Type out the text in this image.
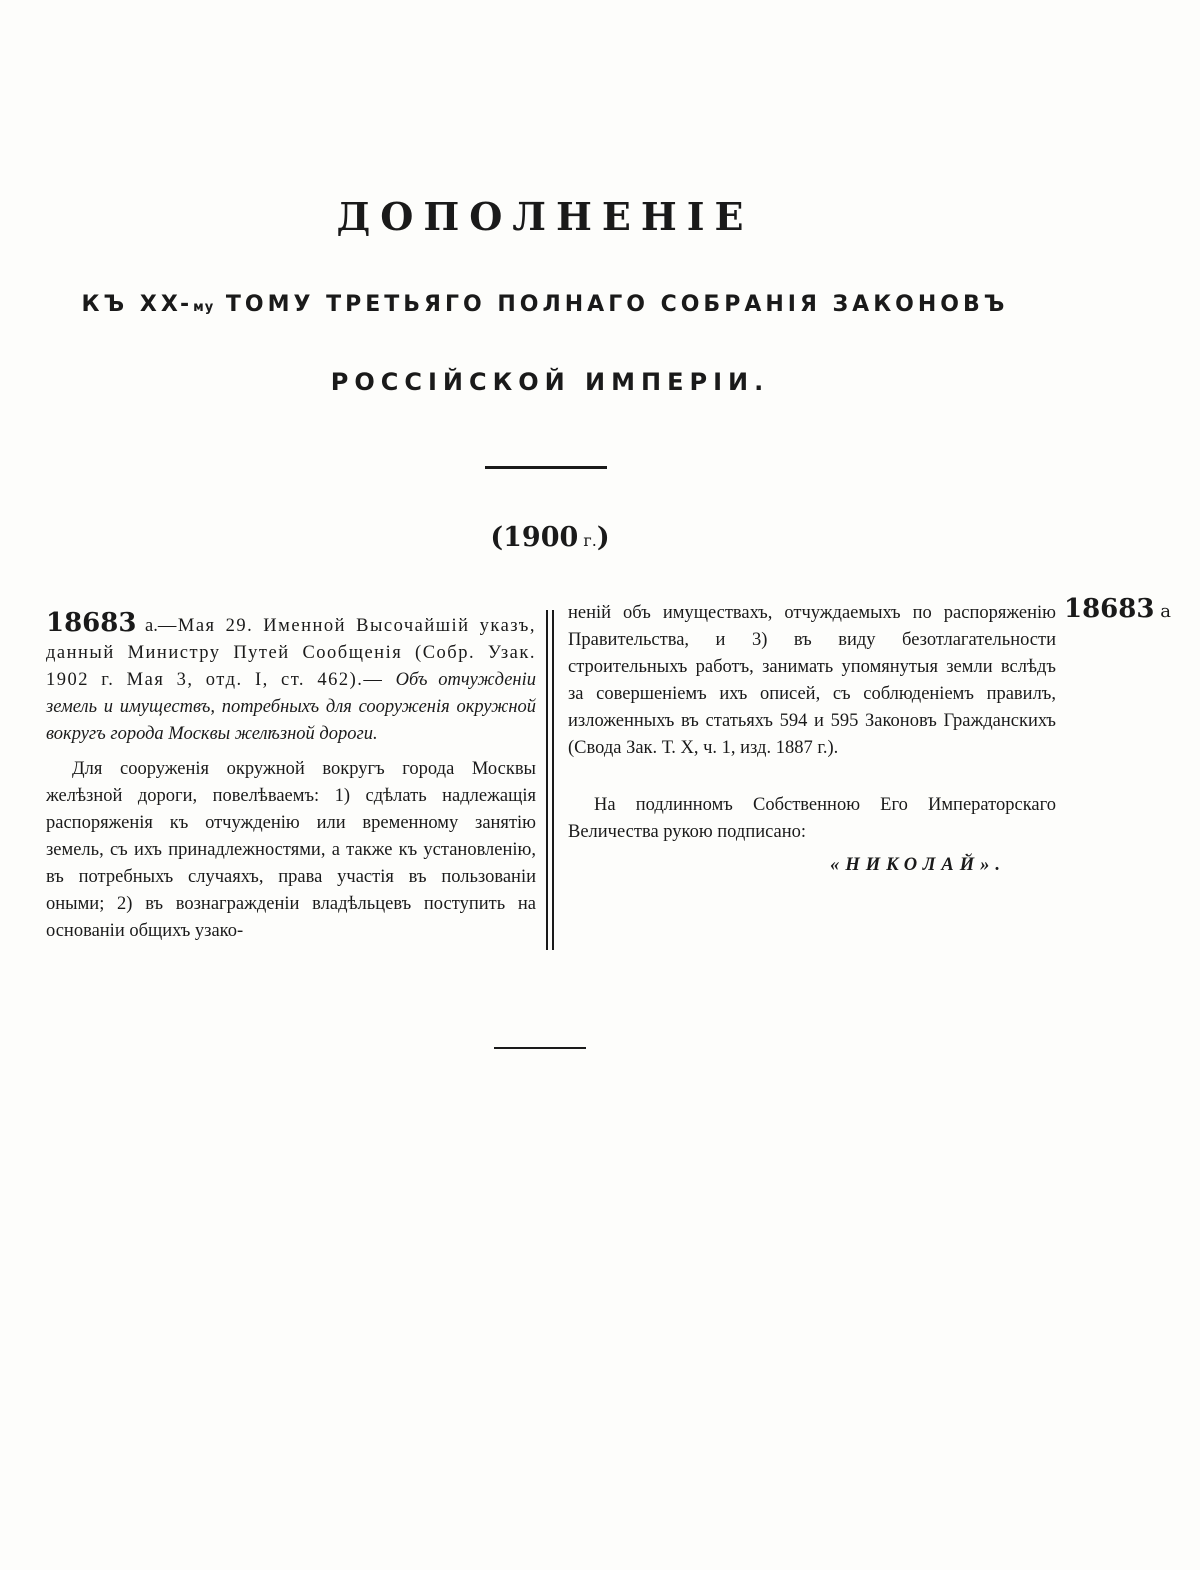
ДОПОЛНЕНІЕ
КЪ XX-му ТОМУ ТРЕТЬЯГО ПОЛНАГО СОБРАНІЯ ЗАКОНОВЪ
РОССІЙСКОЙ ИМПЕРІИ.
(1900 г.)

18683 а.—Мая 29. Именной Высочайшій указъ, данный Министру Путей Сообщенія (Собр. Узак. 1902 г. Мая 3, отд. I, ст. 462).— Объ отчужденіи земель и имуществъ, потребныхъ для сооруженія окружной вокругъ города Москвы желѣзной дороги.

Для сооруженія окружной вокругъ города Москвы желѣзной дороги, повелѣваемъ: 1) сдѣлать надлежащія распоряженія къ отчужденію или временному занятію земель, съ ихъ принадлежностями, а также къ установленію, въ потребныхъ случаяхъ, права участія въ пользованіи оными; 2) въ вознагражденіи владѣльцевъ поступить на основаніи общихъ узако-

неній объ имуществахъ, отчуждаемыхъ по распоряженію Правительства, и 3) въ виду безотлагательности строительныхъ работъ, занимать упомянутыя земли вслѣдъ за совершеніемъ ихъ описей, съ соблюденіемъ правилъ, изложенныхъ въ статьяхъ 594 и 595 Законовъ Гражданскихъ (Свода Зак. Т. X, ч. 1, изд. 1887 г.).

На подлинномъ Собственною Его Императорскаго Величества рукою подписано:

«НИКОЛАЙ».

18683 а
